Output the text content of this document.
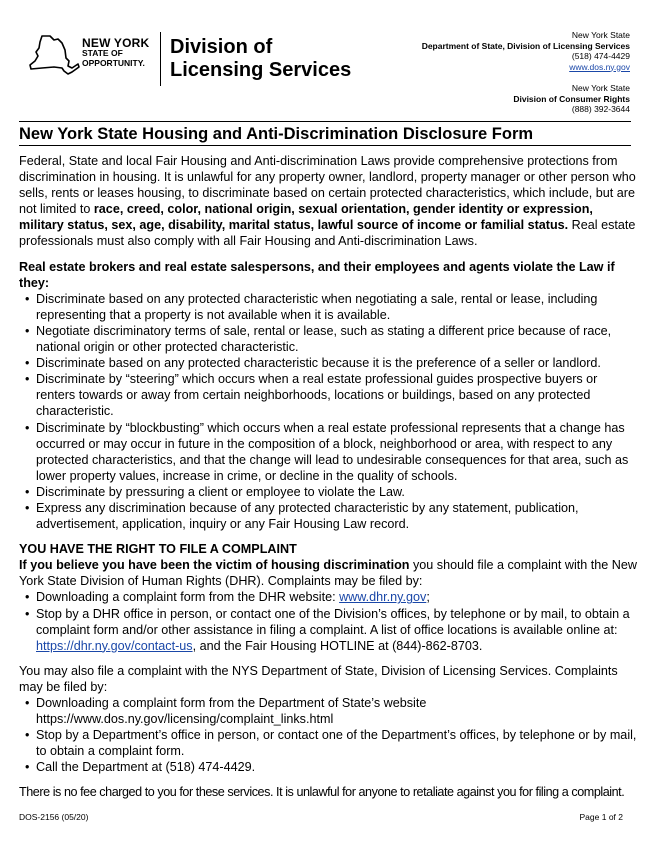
NEW YORK
STATE OF
OPPORTUNITY.
Division of
Licensing Services
New York State
Department of State, Division of Licensing Services
(518) 474-4429
www.dos.ny.gov
New York State
Division of Consumer Rights
(888) 392-3644
New York State Housing and Anti-Discrimination Disclosure Form

Federal, State and local Fair Housing and Anti-discrimination Laws provide comprehensive protections from discrimination in housing. It is unlawful for any property owner, landlord, property manager or other person who sells, rents or leases housing, to discriminate based on certain protected characteristics, which include, but are not limited to race, creed, color, national origin, sexual orientation, gender identity or expression, military status, sex, age, disability, marital status, lawful source of income or familial status. Real estate professionals must also comply with all Fair Housing and Anti-discrimination Laws.

Real estate brokers and real estate salespersons, and their employees and agents violate the Law if they:

• Discriminate based on any protected characteristic when negotiating a sale, rental or lease, including representing that a property is not available when it is available.
• Negotiate discriminatory terms of sale, rental or lease, such as stating a different price because of race, national origin or other protected characteristic.
• Discriminate based on any protected characteristic because it is the preference of a seller or landlord.
• Discriminate by “steering” which occurs when a real estate professional guides prospective buyers or renters towards or away from certain neighborhoods, locations or buildings, based on any protected characteristic.
• Discriminate by “blockbusting” which occurs when a real estate professional represents that a change has occurred or may occur in future in the composition of a block, neighborhood or area, with respect to any protected characteristics, and that the change will lead to undesirable consequences for that area, such as lower property values, increase in crime, or decline in the quality of schools.
• Discriminate by pressuring a client or employee to violate the Law.
• Express any discrimination because of any protected characteristic by any statement, publication, advertisement, application, inquiry or any Fair Housing Law record.

YOU HAVE THE RIGHT TO FILE A COMPLAINT

If you believe you have been the victim of housing discrimination you should file a complaint with the New York State Division of Human Rights (DHR). Complaints may be filed by:

• Downloading a complaint form from the DHR website: www.dhr.ny.gov;
• Stop by a DHR office in person, or contact one of the Division’s offices, by telephone or by mail, to obtain a complaint form and/or other assistance in filing a complaint. A list of office locations is available online at: https://dhr.ny.gov/contact-us, and the Fair Housing HOTLINE at (844)-862-8703.

You may also file a complaint with the NYS Department of State, Division of Licensing Services. Complaints may be filed by:

• Downloading a complaint form from the Department of State’s website
https://www.dos.ny.gov/licensing/complaint_links.html
• Stop by a Department’s office in person, or contact one of the Department’s offices, by telephone or by mail, to obtain a complaint form.
• Call the Department at (518) 474-4429.

There is no fee charged to you for these services. It is unlawful for anyone to retaliate against you for filing a complaint.

DOS-2156 (05/20)	Page 1 of 2
